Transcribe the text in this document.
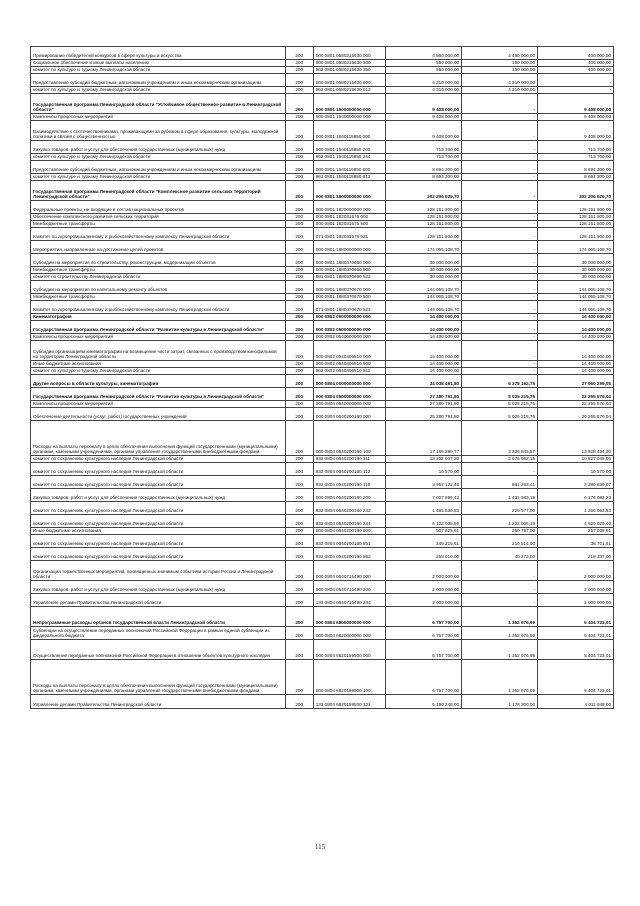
Премирование победителей конкурсов в сфере культуры и искусства	200	000 0801 0580215630 000	4 860 000,00	4 460 000,00	400 000,00
Социальное обеспечение и иные выплаты населению	200	000 0801 0580215630 300	550 000,00	150 000,00	400 000,00
комитет по культуре и туризму Ленинградской области	200	962 0801 0580215630 350	550 000,00	150 000,00	400 000,00
Предоставление субсидий бюджетным, автономным учреждениям и иным некоммерческим организациям	200	000 0801 0580215630 600	4 310 000,00	4 310 000,00	-
комитет по культуре и туризму Ленинградской области	200	962 0801 0580215630 612	4 310 000,00	4 310 000,00	-
Государственная программа Ленинградской области "Устойчивое общественное развитие в Ленинградской области"	200	000 0801 1500000000 000	9 408 000,00	-	9 408 000,00
Комплексы процессных мероприятий	200	000 0801 1540000000 000	9 408 000,00	-	9 408 000,00
Взаимодействие с соотечественниками, проживающими за рубежом в сфере образования, культуры, молодежной политики и связей с общественностью	200	000 0801 1540115850 000	9 408 000,00	-	9 408 000,00
Закупка товаров, работ и услуг для обеспечения государственных (муниципальных) нужд	200	000 0801 1540115850 200	713 700,00	-	713 700,00
комитет по культуре и туризму Ленинградской области	200	962 0801 1540115850 244	713 700,00	-	713 700,00
Предоставление субсидий бюджетным, автономным учреждениям и иным некоммерческим организациям	200	000 0801 1540115850 600	8 694 300,00	-	8 694 300,00
комитет по культуре и туризму Ленинградской области	200	962 0801 1540115850 612	8 694 300,00	-	8 694 300,00
Государственная программа Ленинградской области "Комплексное развитие сельских территорий Ленинградской области"	200	000 0801 1800000000 000	302 206 929,70	-	302 206 929,70
Федеральные проекты, не входящие в состав национальных проектов	200	000 0801 1820000000 000	128 151 800,00	-	128 151 800,00
Обеспечение комплексного развития сельских территорий	200	000 0801 182031576 000	128 151 800,00	-	128 151 800,00
Межбюджетные трансферты	200	000 0801 182031576 500	128 151 800,00	-	128 151 800,00
Комитет по агропромышленному и рыбохозяйственному комплексу Ленинградской области	200	071 0801 182031576 521	128 151 800,00	-	128 151 800,00
Мероприятия, направленные на достижение целей проектов	200	000 0801 1880000000 000	174 055 108,70	-	174 055 108,70
Субсидии на мероприятия по строительству, реконструкции, модернизации объектов	200	000 0801 1880370660 000	30 000 000,00	-	30 000 000,00
Межбюджетные трансферты	200	000 0801 1880370660 500	30 000 000,00	-	30 000 000,00
комитет по строительству Ленинградской области	200	981 0801 1880370660 522	30 000 000,00	-	30 000 000,00
Субсидии на мероприятия по капитальному ремонту объектов	200	000 0801 1880370670 000	144 055 108,70	-	144 055 108,70
Межбюджетные трансферты	200	000 0801 1880370670 500	144 055 108,70	-	144 055 108,70
Комитет по агропромышленному и рыбохозяйственному комплексу Ленинградской области	200	071 0801 1880370670 521	144 055 108,70	-	144 055 108,70
Кинематография	200	000 0802 0000000000 000	14 400 000,00	-	14 400 000,00
Государственная программа Ленинградской области "Развитие культуры в Ленинградской области"	200	000 0802 0500000000 000	14 400 000,00	-	14 400 000,00
Комплексы процессных мероприятий	200	000 0802 0540000000 000	14 400 000,00	-	14 400 000,00
Субсидии организациям кинематографии на возмещение части затрат, связанных с производством кинофильмов на территории Ленинградской области	200	000 0802 0540406510 000	14 400 000,00	-	14 400 000,00
Иные бюджетные ассигнования	200	000 0802 0540406510 800	14 400 000,00	-	14 400 000,00
комитет по культуре и туризму Ленинградской области	200	962 0802 0540406510 811	14 400 000,00	-	14 400 000,00
Другие вопросы в области культуры, кинематографии	200	000 0804 0000000000 000	34 038 491,80	6 378 192,75	27 660 299,05
Государственная программа Ленинградской области "Развитие культуры в Ленинградской области"	200	000 0804 0500000000 000	27 280 791,80	5 025 215,76	22 255 576,04
Комплексы процессных мероприятий	200	000 0804 0540000000 000	27 280 791,80	5 025 215,76	22 255 576,04
Обеспечение деятельности (услуг, работ) государственных учреждений	200	000 0804 0540200160 000	25 280 791,80	5 025 215,76	20 255 576,04
Расходы на выплаты персоналу в целях обеспечения выполнения функций государственными (муниципальными) органами, казенными учреждениями, органами управления государственными внебюджетными фондами	200	000 0804 0540200160 100	17 165 299,77	3 336 845,57	13 828 454,20
комитет по сохранению культурного наследия Ленинградской области	200	932 0804 0540200160 111	13 202 607,20	2 675 562,15	10 527 045,05
комитет по сохранению культурного наследия Ленинградской области	200	932 0804 0540200160 112	10 570,00	-	10 570,00
комитет по сохранению культурного наследия Ленинградской области	200	932 0804 0540200160 119	3 952 122,48	661 283,41	3 290 839,07
Закупка товаров, работ и услуг для обеспечения государственных (муниципальных) нужд	200	000 0804 0540200160 200	7 607 666,42	1 431 583,19	6 176 083,23
комитет по сохранению культурного наследия Ленинградской области	200	932 0804 0540200160 242	1 485 630,83	229 577,00	1 256 053,83
комитет по сохранению культурного наследия Ленинградской области	200	932 0804 0540200160 244	6 122 035,59	1 202 006,19	4 920 029,40
Иные бюджетные ассигнования	200	000 0804 0540200160 800	507 825,61	250 787,00	257 038,61
комитет по сохранению культурного наследия Ленинградской области	200	932 0804 0540200160 851	249 215,61	210 514,00	38 701,61
комитет по сохранению культурного наследия Ленинградской области	200	932 0804 0540200160 852	258 610,00	40 273,00	218 337,00
Организация торжественных мероприятий, посвященных значимым событиям истории России и Ленинградской области	200	000 0804 0540715490 000	2 000 000,00	-	2 000 000,00
Закупка товаров, работ и услуг для обеспечения государственных (муниципальных) нужд	200	000 0804 0540715490 200	2 000 000,00	-	2 000 000,00
Управление делами Правительства Ленинградской области	200	133 0804 0540715490 244	2 000 000,00	-	2 000 000,00
Непрограммные расходы органов государственной власти Ленинградской области	200	000 0804 6800000000 000	6 757 700,00	1 352 976,99	5 404 723,01
Субвенции на осуществление переданных полномочий Российской Федерации в рамках единой субвенции из федерального бюджета	200	000 0804 6820000000 000	6 757 700,00	1 352 976,99	5 404 723,01
Осуществление переданных полномочий Российской Федерации в отношении объектов культурного наследия	200	000 0804 6820159500 000	6 757 700,00	1 352 976,99	5 404 723,01
Расходы на выплаты персоналу в целях обеспечения выполнения функций государственными (муниципальными) органами, казенными учреждениями, органами управления государственными внебюджетными фондами	200	000 0804 6820159500 100	6 757 700,00	1 352 976,99	5 404 723,01
Управление делами Правительства Ленинградской области	200	133 0804 6820159500 121	5 190 246,00	1 178 300,00	4 011 946,00
115
